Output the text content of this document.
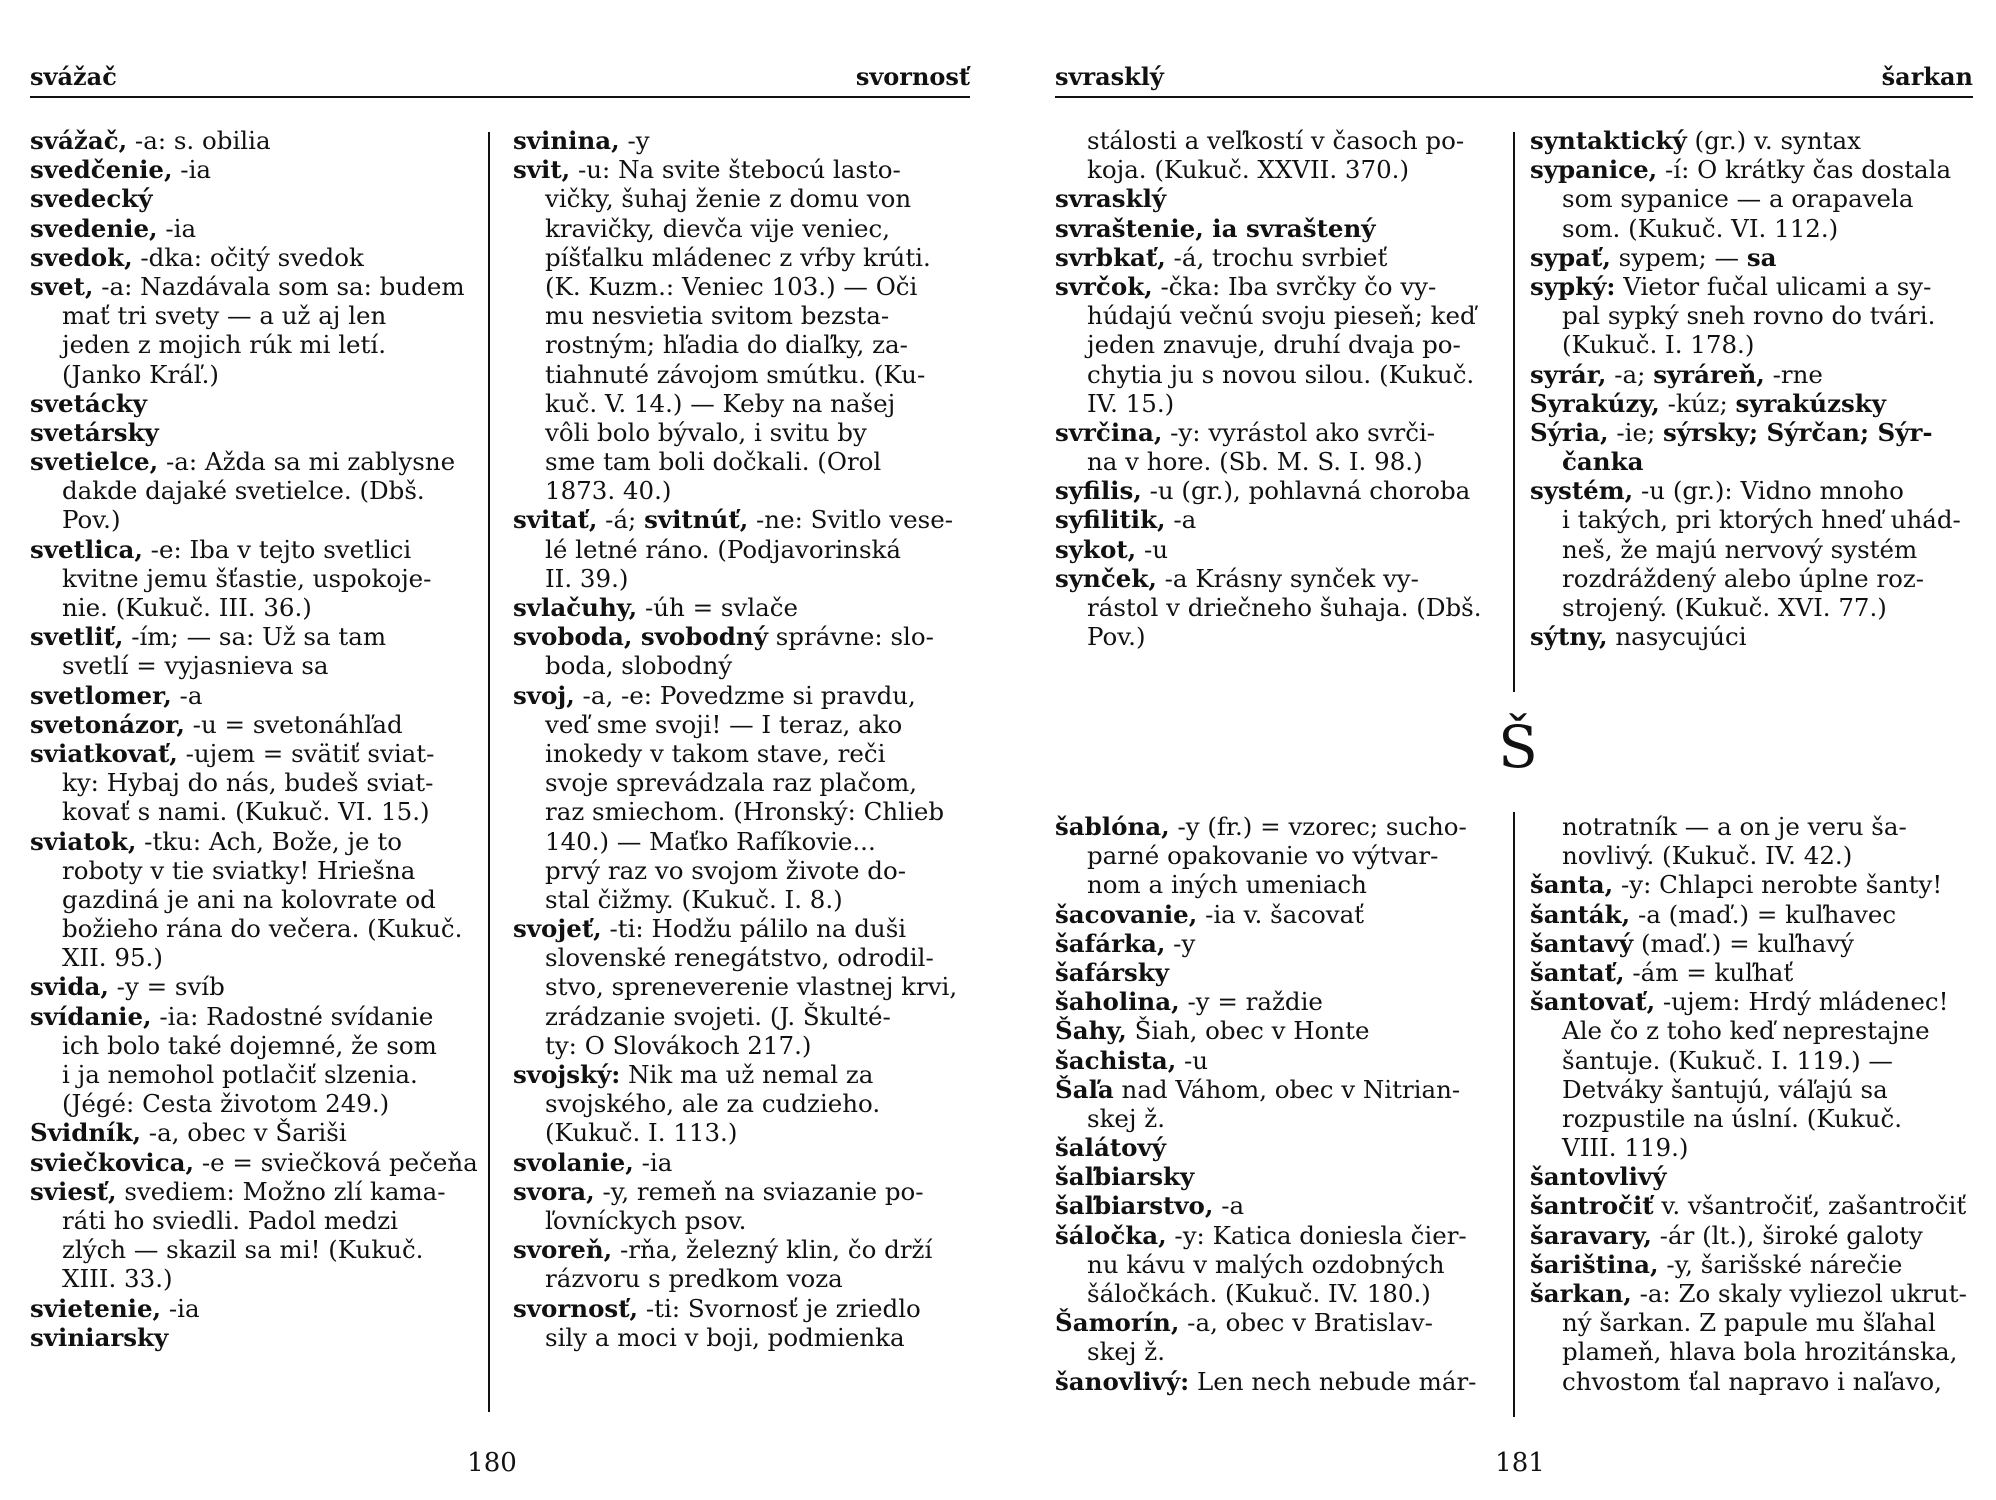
svážač	svornosť
svážač, -a: s. obilia
svedčenie, -ia
svedecký
svedenie, -ia
svedok, -dka: očitý svedok
svet, -a: Nazdávala som sa: budem
mať tri svety — a už aj len
jeden z mojich rúk mi letí.
(Janko Kráľ.)
svetácky
svetársky
svetielce, -a: Ažda sa mi zablysne
dakde dajaké svetielce. (Dbš.
Pov.)
svetlica, -e: Iba v tejto svetlici
kvitne jemu šťastie, uspokoje-
nie. (Kukuč. III. 36.)
svetliť, -ím; — sa: Už sa tam
svetlí = vyjasnieva sa
svetlomer, -a
svetonázor, -u = svetonáhľad
sviatkovať, -ujem = svätiť sviat-
ky: Hybaj do nás, budeš sviat-
kovať s nami. (Kukuč. VI. 15.)
sviatok, -tku: Ach, Bože, je to
roboty v tie sviatky! Hriešna
gazdiná je ani na kolovrate od
božieho rána do večera. (Kukuč.
XII. 95.)
svida, -y = svíb
svídanie, -ia: Radostné svídanie
ich bolo také dojemné, že som
i ja nemohol potlačiť slzenia.
(Jégé: Cesta životom 249.)
Svidník, -a, obec v Šariši
sviečkovica, -e = sviečková pečeňa
sviesť, svediem: Možno zlí kama-
ráti ho sviedli. Padol medzi
zlých — skazil sa mi! (Kukuč.
XIII. 33.)
svietenie, -ia
sviniarsky
svinina, -y
svit, -u: Na svite štebocú lasto-
vičky, šuhaj ženie z domu von
kravičky, dievča vije veniec,
píšťalku mládenec z vŕby krúti.
(K. Kuzm.: Veniec 103.) — Oči
mu nesvietia svitom bezsta-
rostným; hľadia do diaľky, za-
tiahnuté závojom smútku. (Ku-
kuč. V. 14.) — Keby na našej
vôli bolo bývalo, i svitu by
sme tam boli dočkali. (Orol
1873. 40.)
svitať, -á; svitnúť, -ne: Svitlo vese-
lé letné ráno. (Podjavorinská
II. 39.)
svlačuhy, -úh = svlače
svoboda, svobodný správne: slo-
boda, slobodný
svoj, -a, -e: Povedzme si pravdu,
veď sme svoji! — I teraz, ako
inokedy v takom stave, reči
svoje sprevádzala raz plačom,
raz smiechom. (Hronský: Chlieb
140.) — Maťko Rafíkovie...
prvý raz vo svojom živote do-
stal čižmy. (Kukuč. I. 8.)
svojeť, -ti: Hodžu pálilo na duši
slovenské renegátstvo, odrodil-
stvo, spreneverenie vlastnej krvi,
zrádzanie svojeti. (J. Škulté-
ty: O Slovákoch 217.)
svojský: Nik ma už nemal za
svojského, ale za cudzieho.
(Kukuč. I. 113.)
svolanie, -ia
svora, -y, remeň na sviazanie po-
ľovníckych psov.
svoreň, -rňa, železný klin, čo drží
rázvoru s predkom voza
svornosť, -ti: Svornosť je zriedlo
sily a moci v boji, podmienka
180
svrasklý	šarkan
stálosti a veľkostí v časoch po-
koja. (Kukuč. XXVII. 370.)
svrasklý
svraštenie, ia svraštený
svrbkať, -á, trochu svrbieť
svrčok, -čka: Iba svrčky čo vy-
húdajú večnú svoju pieseň; keď
jeden znavuje, druhí dvaja po-
chytia ju s novou silou. (Kukuč.
IV. 15.)
svrčina, -y: vyrástol ako svrči-
na v hore. (Sb. M. S. I. 98.)
syfilis, -u (gr.), pohlavná choroba
syfilitik, -a
sykot, -u
synček, -a Krásny synček vy-
rástol v driečneho šuhaja. (Dbš.
Pov.)
syntaktický (gr.) v. syntax
sypanice, -í: O krátky čas dostala
som sypanice — a orapavela
som. (Kukuč. VI. 112.)
sypať, sypem; — sa
sypký: Vietor fučal ulicami a sy-
pal sypký sneh rovno do tvári.
(Kukuč. I. 178.)
syrár, -a; syráreň, -rne
Syrakúzy, -kúz; syrakúzsky
Sýria, -ie; sýrsky; Sýrčan; Sýr-
čanka
systém, -u (gr.): Vidno mnoho
i takých, pri ktorých hneď uhád-
neš, že majú nervový systém
rozdráždený alebo úplne roz-
strojený. (Kukuč. XVI. 77.)
sýtny, nasycujúci
Š
šablóna, -y (fr.) = vzorec; sucho-
parné opakovanie vo výtvar-
nom a iných umeniach
šacovanie, -ia v. šacovať
šafárka, -y
šafársky
šaholina, -y = raždie
Šahy, Šiah, obec v Honte
šachista, -u
Šaľa nad Váhom, obec v Nitrian-
skej ž.
šalátový
šaľbiarsky
šaľbiarstvo, -a
šáločka, -y: Katica doniesla čier-
nu kávu v malých ozdobných
šáločkách. (Kukuč. IV. 180.)
Šamorín, -a, obec v Bratislav-
skej ž.
šanovlivý: Len nech nebude már-
notratník — a on je veru ša-
novlivý. (Kukuč. IV. 42.)
šanta, -y: Chlapci nerobte šanty!
šanták, -a (maď.) = kuľhavec
šantavý (maď.) = kuľhavý
šantať, -ám = kuľhať
šantovať, -ujem: Hrdý mládenec!
Ale čo z toho keď neprestajne
šantuje. (Kukuč. I. 119.) —
Detváky šantujú, váľajú sa
rozpustile na úslní. (Kukuč.
VIII. 119.)
šantovlivý
šantročiť v. všantročiť, zašantročiť
šaravary, -ár (lt.), široké galoty
šariština, -y, šarišské nárečie
šarkan, -a: Zo skaly vyliezol ukrut-
ný šarkan. Z papule mu šľahal
plameň, hlava bola hrozitánska,
chvostom ťal napravo i naľavo,
181
